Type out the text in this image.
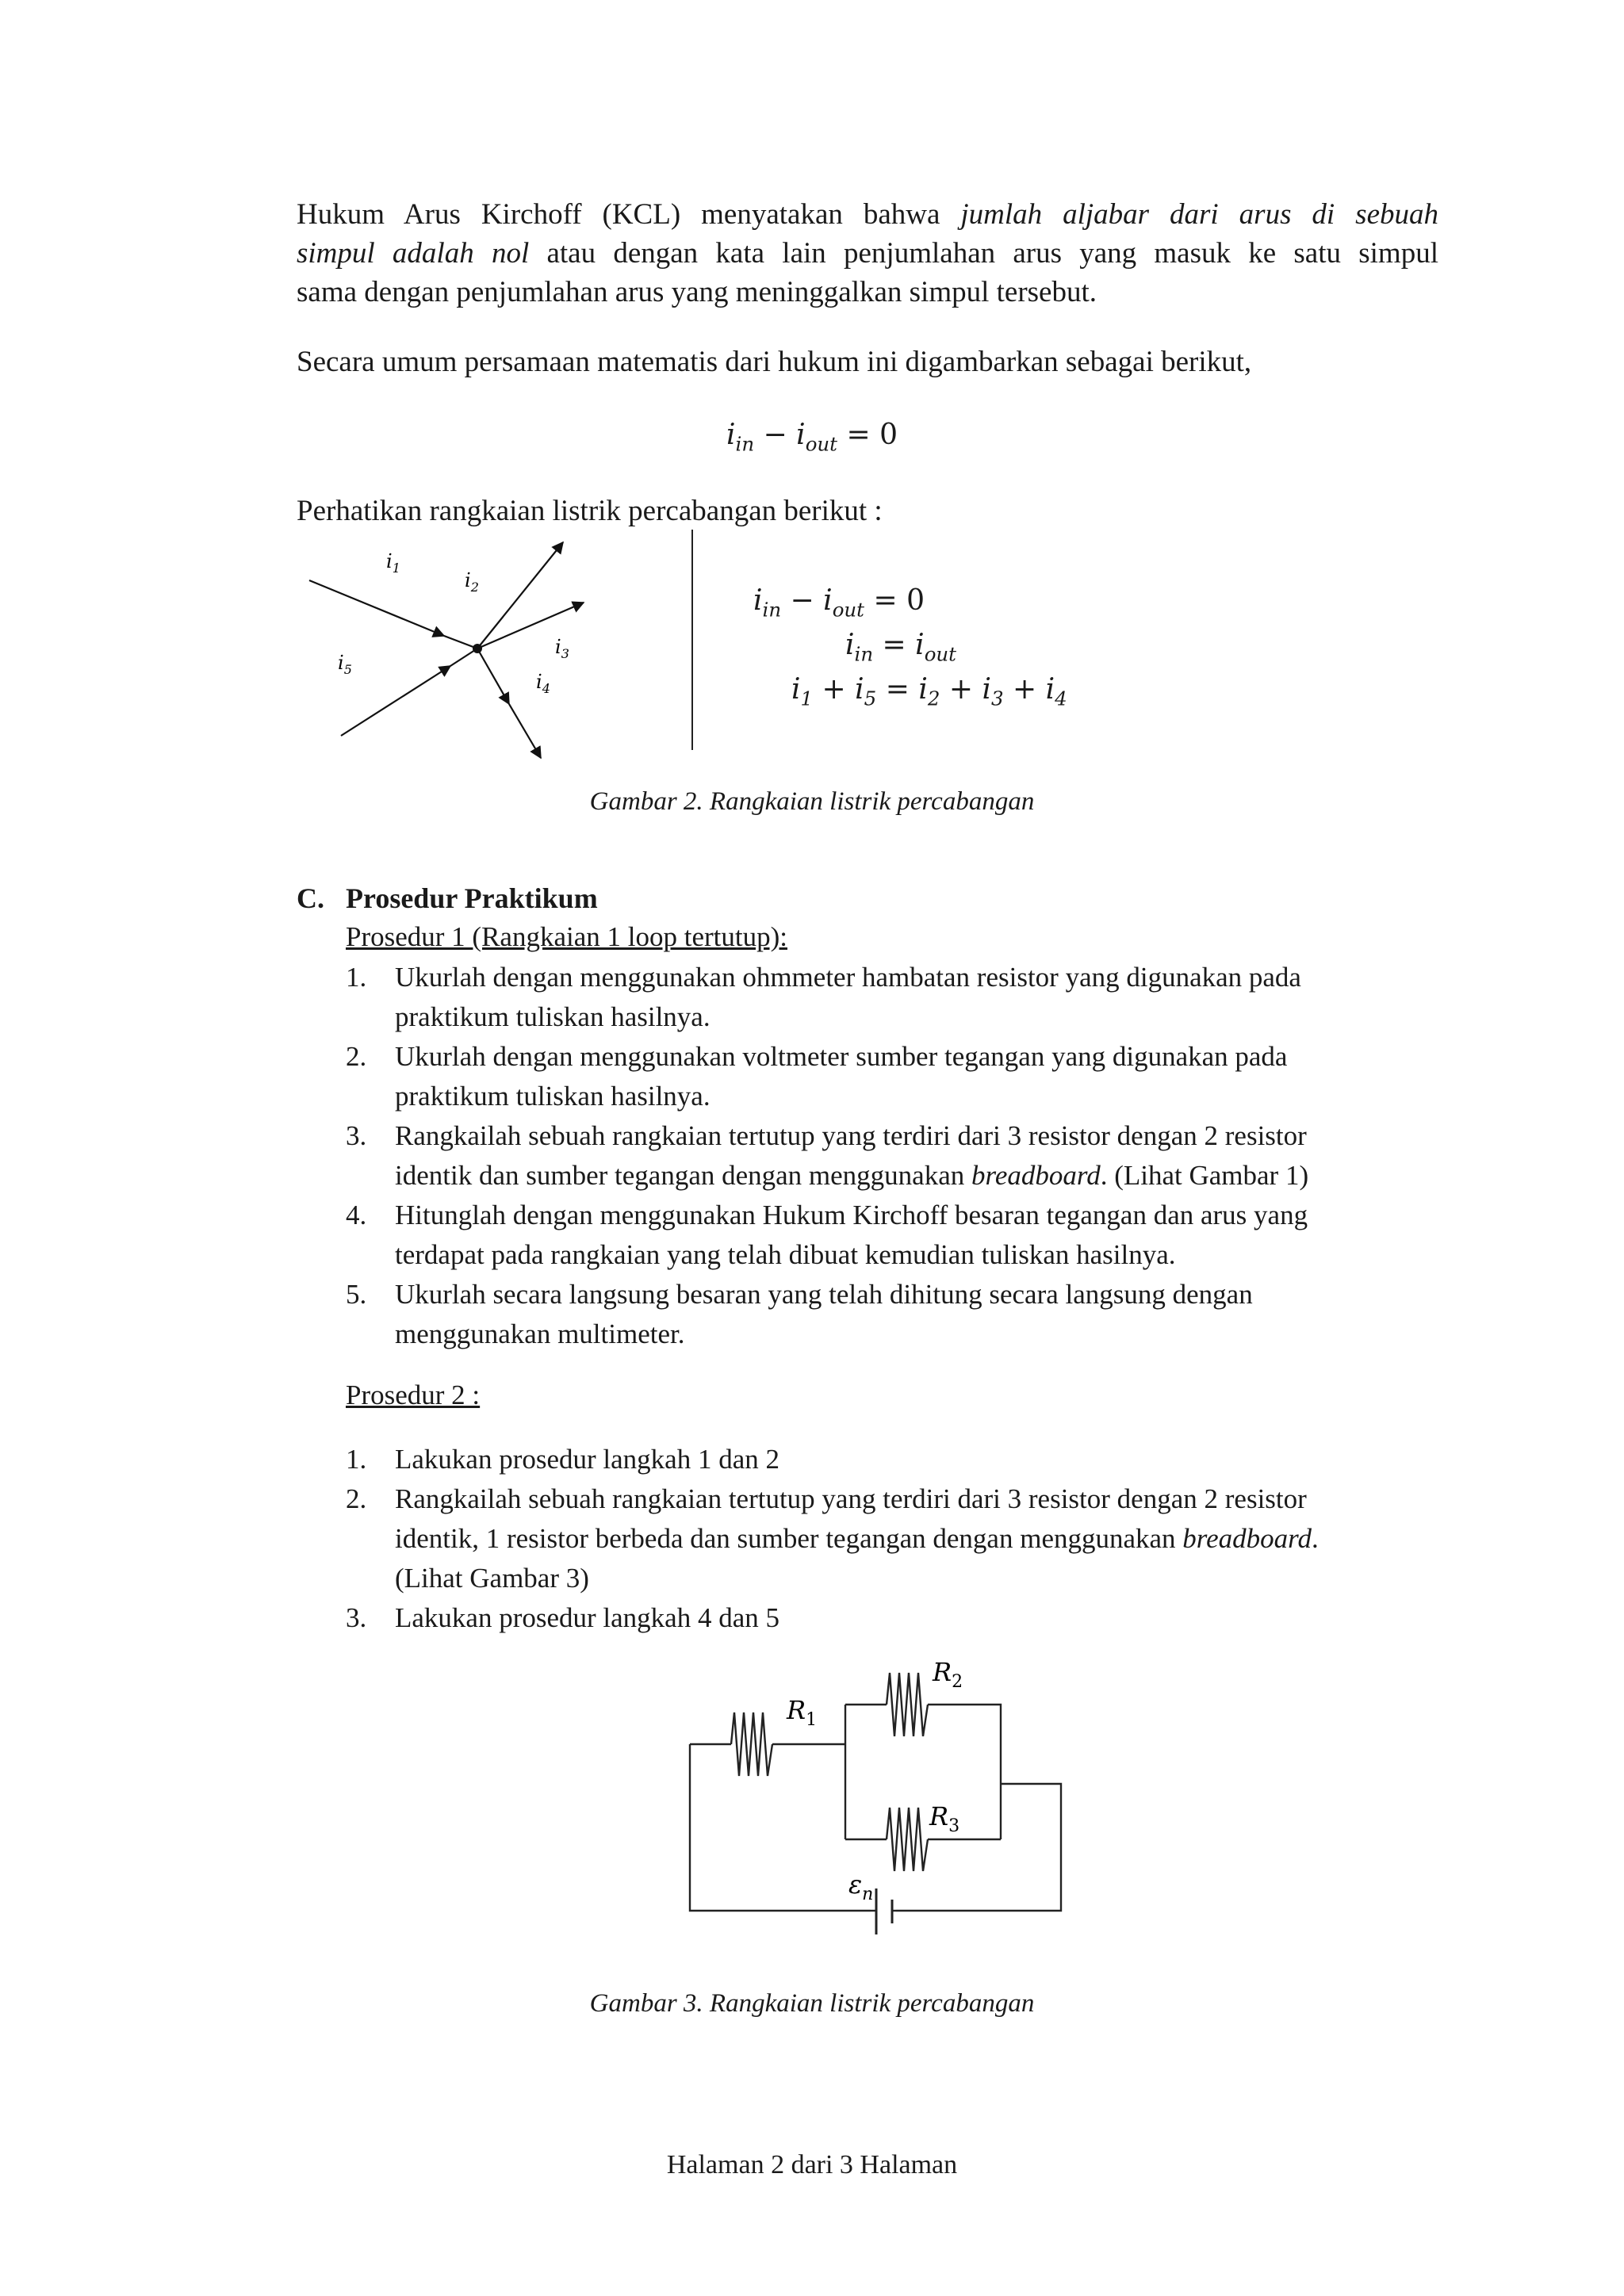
Hukum Arus Kirchoff (KCL) menyatakan bahwa jumlah aljabar dari arus di sebuah
simpul adalah nol atau dengan kata lain penjumlahan arus yang masuk ke satu simpul
sama dengan penjumlahan arus yang meninggalkan simpul tersebut.
Secara umum persamaan matematis dari hukum ini digambarkan sebagai berikut,
$i_{in} - i_{out} = 0$
Perhatikan rangkaian listrik percabangan berikut :
$i_1$
$i_2$
$i_3$
$i_4$
$i_5$
$i_{in} - i_{out} = 0$
$i_{in} = i_{out}$
$i_1 + i_5 = i_2 + i_3 + i_4$
Gambar 2. Rangkaian listrik percabangan
C. Prosedur Praktikum
Prosedur 1 (Rangkaian 1 loop tertutup):
1. Ukurlah dengan menggunakan ohmmeter hambatan resistor yang digunakan pada
praktikum tuliskan hasilnya.
2. Ukurlah dengan menggunakan voltmeter sumber tegangan yang digunakan pada
praktikum tuliskan hasilnya.
3. Rangkailah sebuah rangkaian tertutup yang terdiri dari 3 resistor dengan 2 resistor
identik dan sumber tegangan dengan menggunakan breadboard. (Lihat Gambar 1)
4. Hitunglah dengan menggunakan Hukum Kirchoff besaran tegangan dan arus yang
terdapat pada rangkaian yang telah dibuat kemudian tuliskan hasilnya.
5. Ukurlah secara langsung besaran yang telah dihitung secara langsung dengan
menggunakan multimeter.
Prosedur 2 :
1. Lakukan prosedur langkah 1 dan 2
2. Rangkailah sebuah rangkaian tertutup yang terdiri dari 3 resistor dengan 2 resistor
identik, 1 resistor berbeda dan sumber tegangan dengan menggunakan breadboard.
(Lihat Gambar 3)
3. Lakukan prosedur langkah 4 dan 5
$R_1$
$R_2$
$R_3$
$\varepsilon_n$
Gambar 3. Rangkaian listrik percabangan
Halaman 2 dari 3 Halaman
